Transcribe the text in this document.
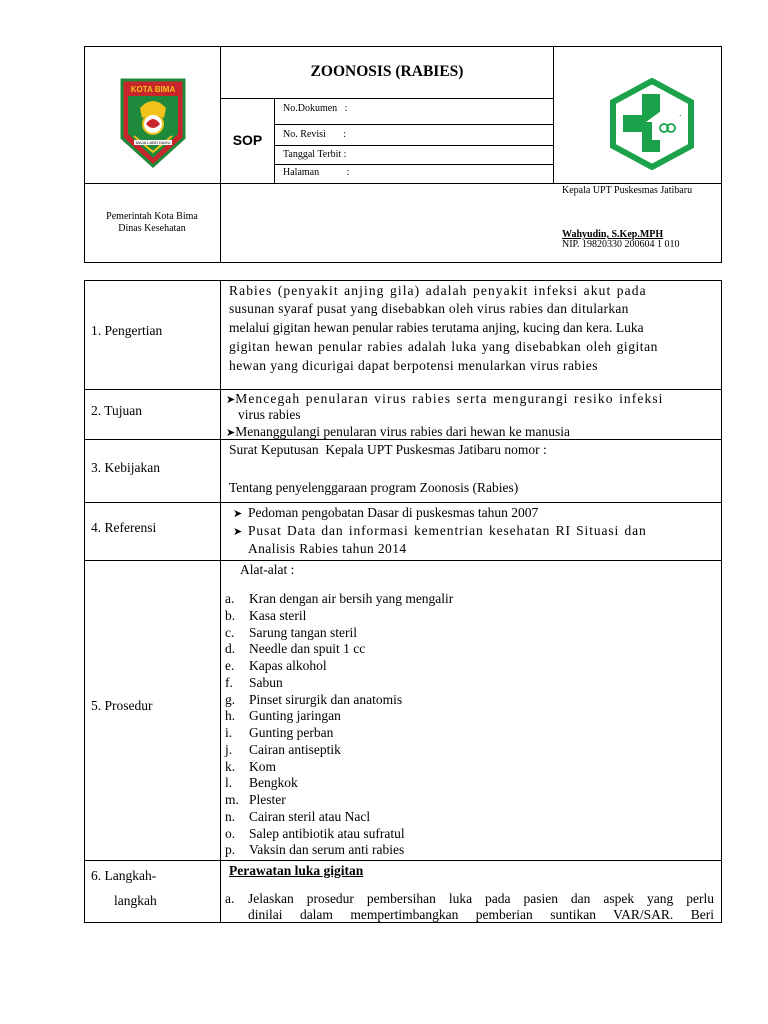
KOTA BIMA
MAJA LABO DAHU
ZOONOSIS (RABIES)
SOP
No.Dokumen   :
No. Revisi       :
Tanggal Terbit :
Halaman           :
Pemerintah Kota Bima
Dinas Kesehatan
Kepala UPT Puskesmas Jatibaru
Wahyudin, S.Kep.MPH
NIP. 19820330 200604 1 010
1. Pengertian
Rabies (penyakit anjing gila) adalah penyakit infeksi akut pada
susunan syaraf pusat yang disebabkan oleh virus rabies dan ditularkan
melalui gigitan hewan penular rabies terutama anjing, kucing dan kera. Luka
gigitan hewan penular rabies adalah luka yang disebabkan oleh gigitan
hewan yang dicurigai dapat berpotensi menularkan virus rabies
2. Tujuan
➤Mencegah penularan virus rabies serta mengurangi resiko infeksi
virus rabies
➤Menanggulangi penularan virus rabies dari hewan ke manusia
3. Kebijakan
Surat Keputusan  Kepala UPT Puskesmas Jatibaru nomor :
Tentang penyelenggaraan program Zoonosis (Rabies)
4. Referensi
➤ Pedoman pengobatan Dasar di puskesmas tahun 2007
➤ Pusat Data dan informasi kementrian kesehatan RI Situasi dan
Analisis Rabies tahun 2014
5. Prosedur
Alat-alat :
a. Kran dengan air bersih yang mengalir
b. Kasa steril
c. Sarung tangan steril
d. Needle dan spuit 1 cc
e. Kapas alkohol
f. Sabun
g. Pinset sirurgik dan anatomis
h. Gunting jaringan
i. Gunting perban
j. Cairan antiseptik
k. Kom
l. Bengkok
m. Plester
n. Cairan steril atau Nacl
o. Salep antibiotik atau sufratul
p. Vaksin dan serum anti rabies
6. Langkah-
langkah
Perawatan luka gigitan
a. Jelaskan prosedur pembersihan luka pada pasien dan aspek yang perlu
dinilai dalam mempertimbangkan pemberian suntikan VAR/SAR. Beri
